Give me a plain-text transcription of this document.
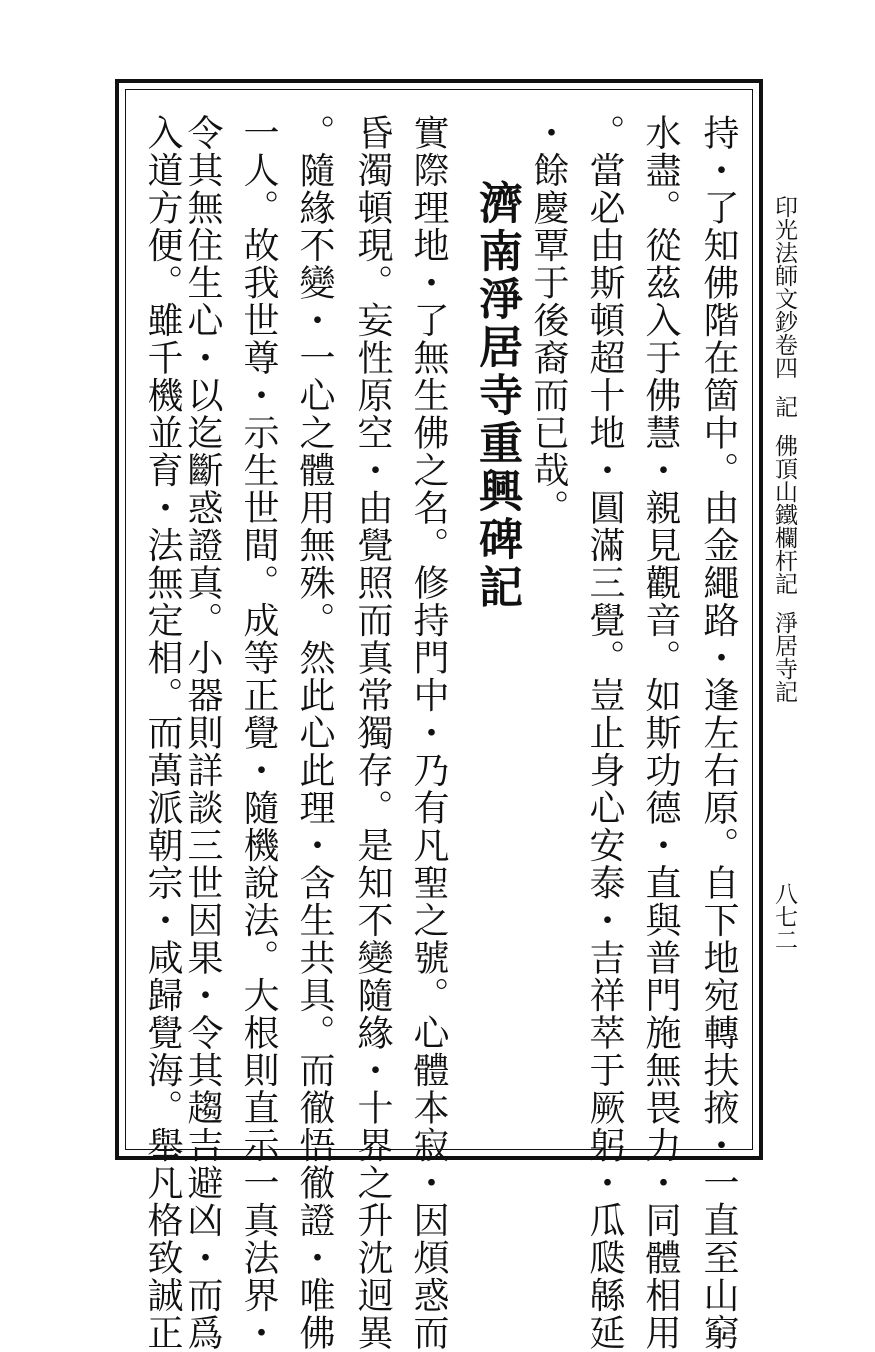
持・了知佛階在箇中。由金繩路・逢左右原。自下地宛轉扶掖・一直至山窮
水盡。從茲入于佛慧・親見觀音。如斯功德・直與普門施無畏力・同體相用
。當必由斯頓超十地・圓滿三覺。豈止身心安泰・吉祥萃于厥躬・瓜瓞緜延
・餘慶覃于後裔而已哉。
濟南淨居寺重興碑記
實際理地・了無生佛之名。修持門中・乃有凡聖之號。心體本寂・因煩惑而
昏濁頓現。妄性原空・由覺照而真常獨存。是知不變隨緣・十界之升沈迥異
。隨緣不變・一心之體用無殊。然此心此理・含生共具。而徹悟徹證・唯佛
一人。故我世尊・示生世間。成等正覺・隨機說法。大根則直示一真法界・
令其無住生心・以迄斷惑證真。小器則詳談三世因果・令其趨吉避凶・而爲
入道方便。雖千機並育・法無定相。而萬派朝宗・咸歸覺海。舉凡格致誠正	印光法師文鈔卷四記佛頂山鐵欄杆記淨居寺記
八七二
